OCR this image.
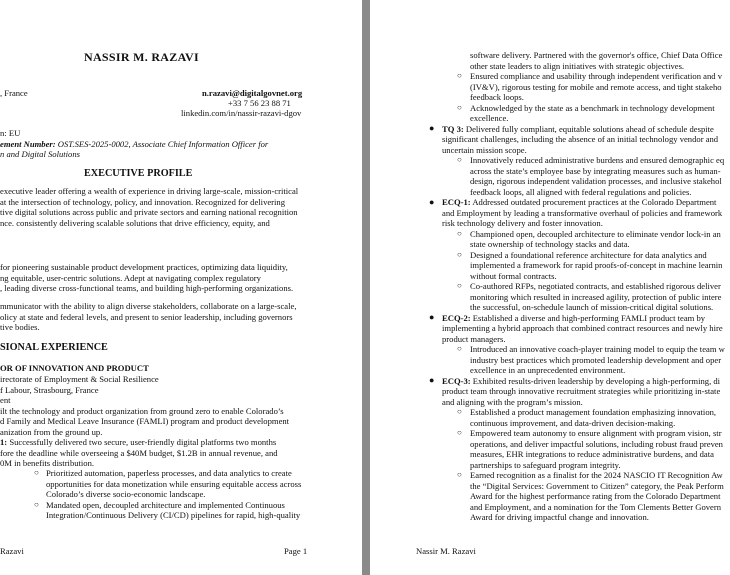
NASSIR M. RAZAVI
, France	n.razavi@digitalgovnet.org
+33 7 56 23 88 71
linkedin.com/in/nassir-razavi-dgov
n: EU
ement Number: OST.SES-2025-0002, Associate Chief Information Officer for
n and Digital Solutions
EXECUTIVE PROFILE
executive leader offering a wealth of experience in driving large-scale, mission-critical
at the intersection of technology, policy, and innovation. Recognized for delivering
tive digital solutions across public and private sectors and earning national recognition
nce. consistently delivering scalable solutions that drive efficiency, equity, and
for pioneering sustainable product development practices, optimizing data liquidity,
ng equitable, user-centric solutions. Adept at navigating complex regulatory
, leading diverse cross-functional teams, and building high-performing organizations.
mmunicator with the ability to align diverse stakeholders, collaborate on a large-scale,
olicy at state and federal levels, and present to senior leadership, including governors
tive bodies.
SIONAL EXPERIENCE
OR OF INNOVATION AND PRODUCT
irectorate of Employment & Social Resilience
f Labour, Strasbourg, France
ent
ilt the technology and product organization from ground zero to enable Colorado’s
d Family and Medical Leave Insurance (FAMLI) program and product development
anization from the ground up.
1: Successfully delivered two secure, user-friendly digital platforms two months
fore the deadline while overseeing a $40M budget, $1.2B in annual revenue, and
0M in benefits distribution.
○ Prioritized automation, paperless processes, and data analytics to create
opportunities for data monetization while ensuring equitable access across
Colorado’s diverse socio-economic landscape.
○ Mandated open, decoupled architecture and implemented Continuous
Integration/Continuous Delivery (CI/CD) pipelines for rapid, high-quality
Razavi	Page 1
software delivery. Partnered with the governor's office, Chief Data Office
other state leaders to align initiatives with strategic objectives.
○ Ensured compliance and usability through independent verification and v
(IV&V), rigorous testing for mobile and remote access, and tight stakeho
feedback loops.
○ Acknowledged by the state as a benchmark in technology development
excellence.
● TQ 3: Delivered fully compliant, equitable solutions ahead of schedule despite
significant challenges, including the absence of an initial technology vendor and
uncertain mission scope.
○ Innovatively reduced administrative burdens and ensured demographic eq
across the state’s employee base by integrating measures such as human-
design, rigorous independent validation processes, and inclusive stakehol
feedback loops, all aligned with federal regulations and policies.
● ECQ-1: Addressed outdated procurement practices at the Colorado Department
and Employment by leading a transformative overhaul of policies and framework
risk technology delivery and foster innovation.
○ Championed open, decoupled architecture to eliminate vendor lock-in an
state ownership of technology stacks and data.
○ Designed a foundational reference architecture for data analytics and
implemented a framework for rapid proofs-of-concept in machine learnin
without formal contracts.
○ Co-authored RFPs, negotiated contracts, and established rigorous deliver
monitoring which resulted in increased agility, protection of public intere
the successful, on-schedule launch of mission-critical digital solutions.
● ECQ-2: Established a diverse and high-performing FAMLI product team by
implementing a hybrid approach that combined contract resources and newly hire
product managers.
○ Introduced an innovative coach-player training model to equip the team w
industry best practices which promoted leadership development and oper
excellence in an unprecedented environment.
● ECQ-3: Exhibited results-driven leadership by developing a high-performing, di
product team through innovative recruitment strategies while prioritizing in-state
and aligning with the program’s mission.
○ Established a product management foundation emphasizing innovation,
continuous improvement, and data-driven decision-making.
○ Empowered team autonomy to ensure alignment with program vision, str
operations, and deliver impactful solutions, including robust fraud preven
measures, EHR integrations to reduce administrative burdens, and data
partnerships to safeguard program integrity.
○ Earned recognition as a finalist for the 2024 NASCIO IT Recognition Aw
the “Digital Services: Government to Citizen” category, the Peak Perform
Award for the highest performance rating from the Colorado Department
and Employment, and a nomination for the Tom Clements Better Govern
Award for driving impactful change and innovation.
Nassir M. Razavi
